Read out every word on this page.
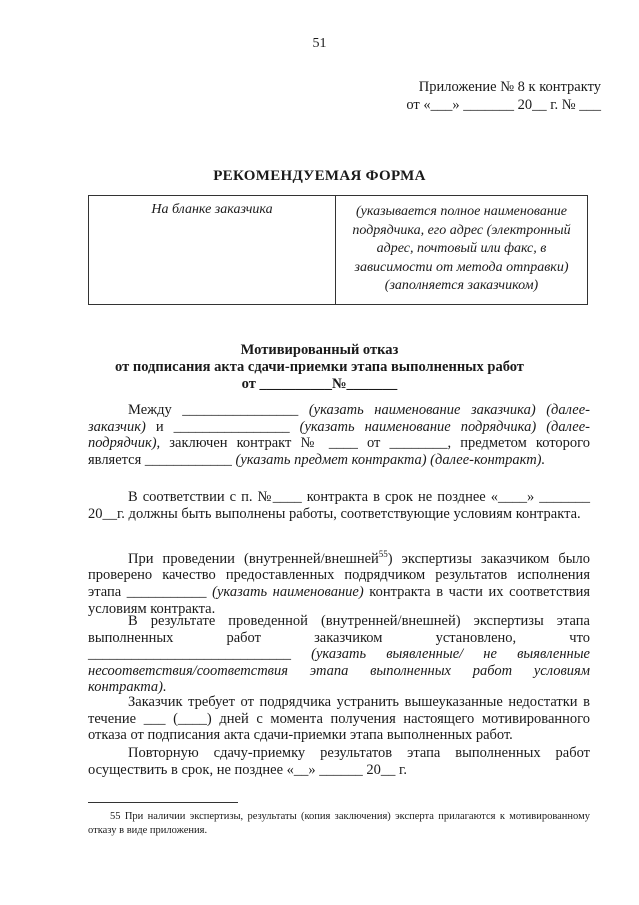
51
Приложение № 8 к контракту
от «___» _______ 20__ г. № ___
РЕКОМЕНДУЕМАЯ ФОРМА
На бланке заказчика	(указывается полное наименование подрядчика, его адрес (электронный адрес, почтовый или факс, в зависимости от метода отправки) (заполняется заказчиком)
Мотивированный отказ
от подписания акта сдачи-приемки этапа выполненных работ
от __________№_______
Между ________________ (указать наименование заказчика) (далее-заказчик) и ________________ (указать наименование подрядчика) (далее-подрядчик), заключен контракт № ____ от ________, предметом которого является ____________ (указать предмет контракта) (далее-контракт).
В соответствии с п. №____ контракта в срок не позднее «____» _______ 20__г. должны быть выполнены работы, соответствующие условиям контракта.
При проведении (внутренней/внешней$^{55}$) экспертизы заказчиком было проверено качество предоставленных подрядчиком результатов исполнения этапа ___________ (указать наименование) контракта в части их соответствия условиям контракта.
В результате проведенной (внутренней/внешней) экспертизы этапа выполненных работ заказчиком установлено, что ____________________________ (указать выявленные/ не выявленные несоответствия/соответствия этапа выполненных работ условиям контракта).
Заказчик требует от подрядчика устранить вышеуказанные недостатки в течение ___ (____) дней с момента получения настоящего мотивированного отказа от подписания акта сдачи-приемки этапа выполненных работ.
Повторную сдачу-приемку результатов этапа выполненных работ осуществить в срок, не позднее «__» ______ 20__ г.
55 При наличии экспертизы, результаты (копия заключения) эксперта прилагаются к мотивированному отказу в виде приложения.
